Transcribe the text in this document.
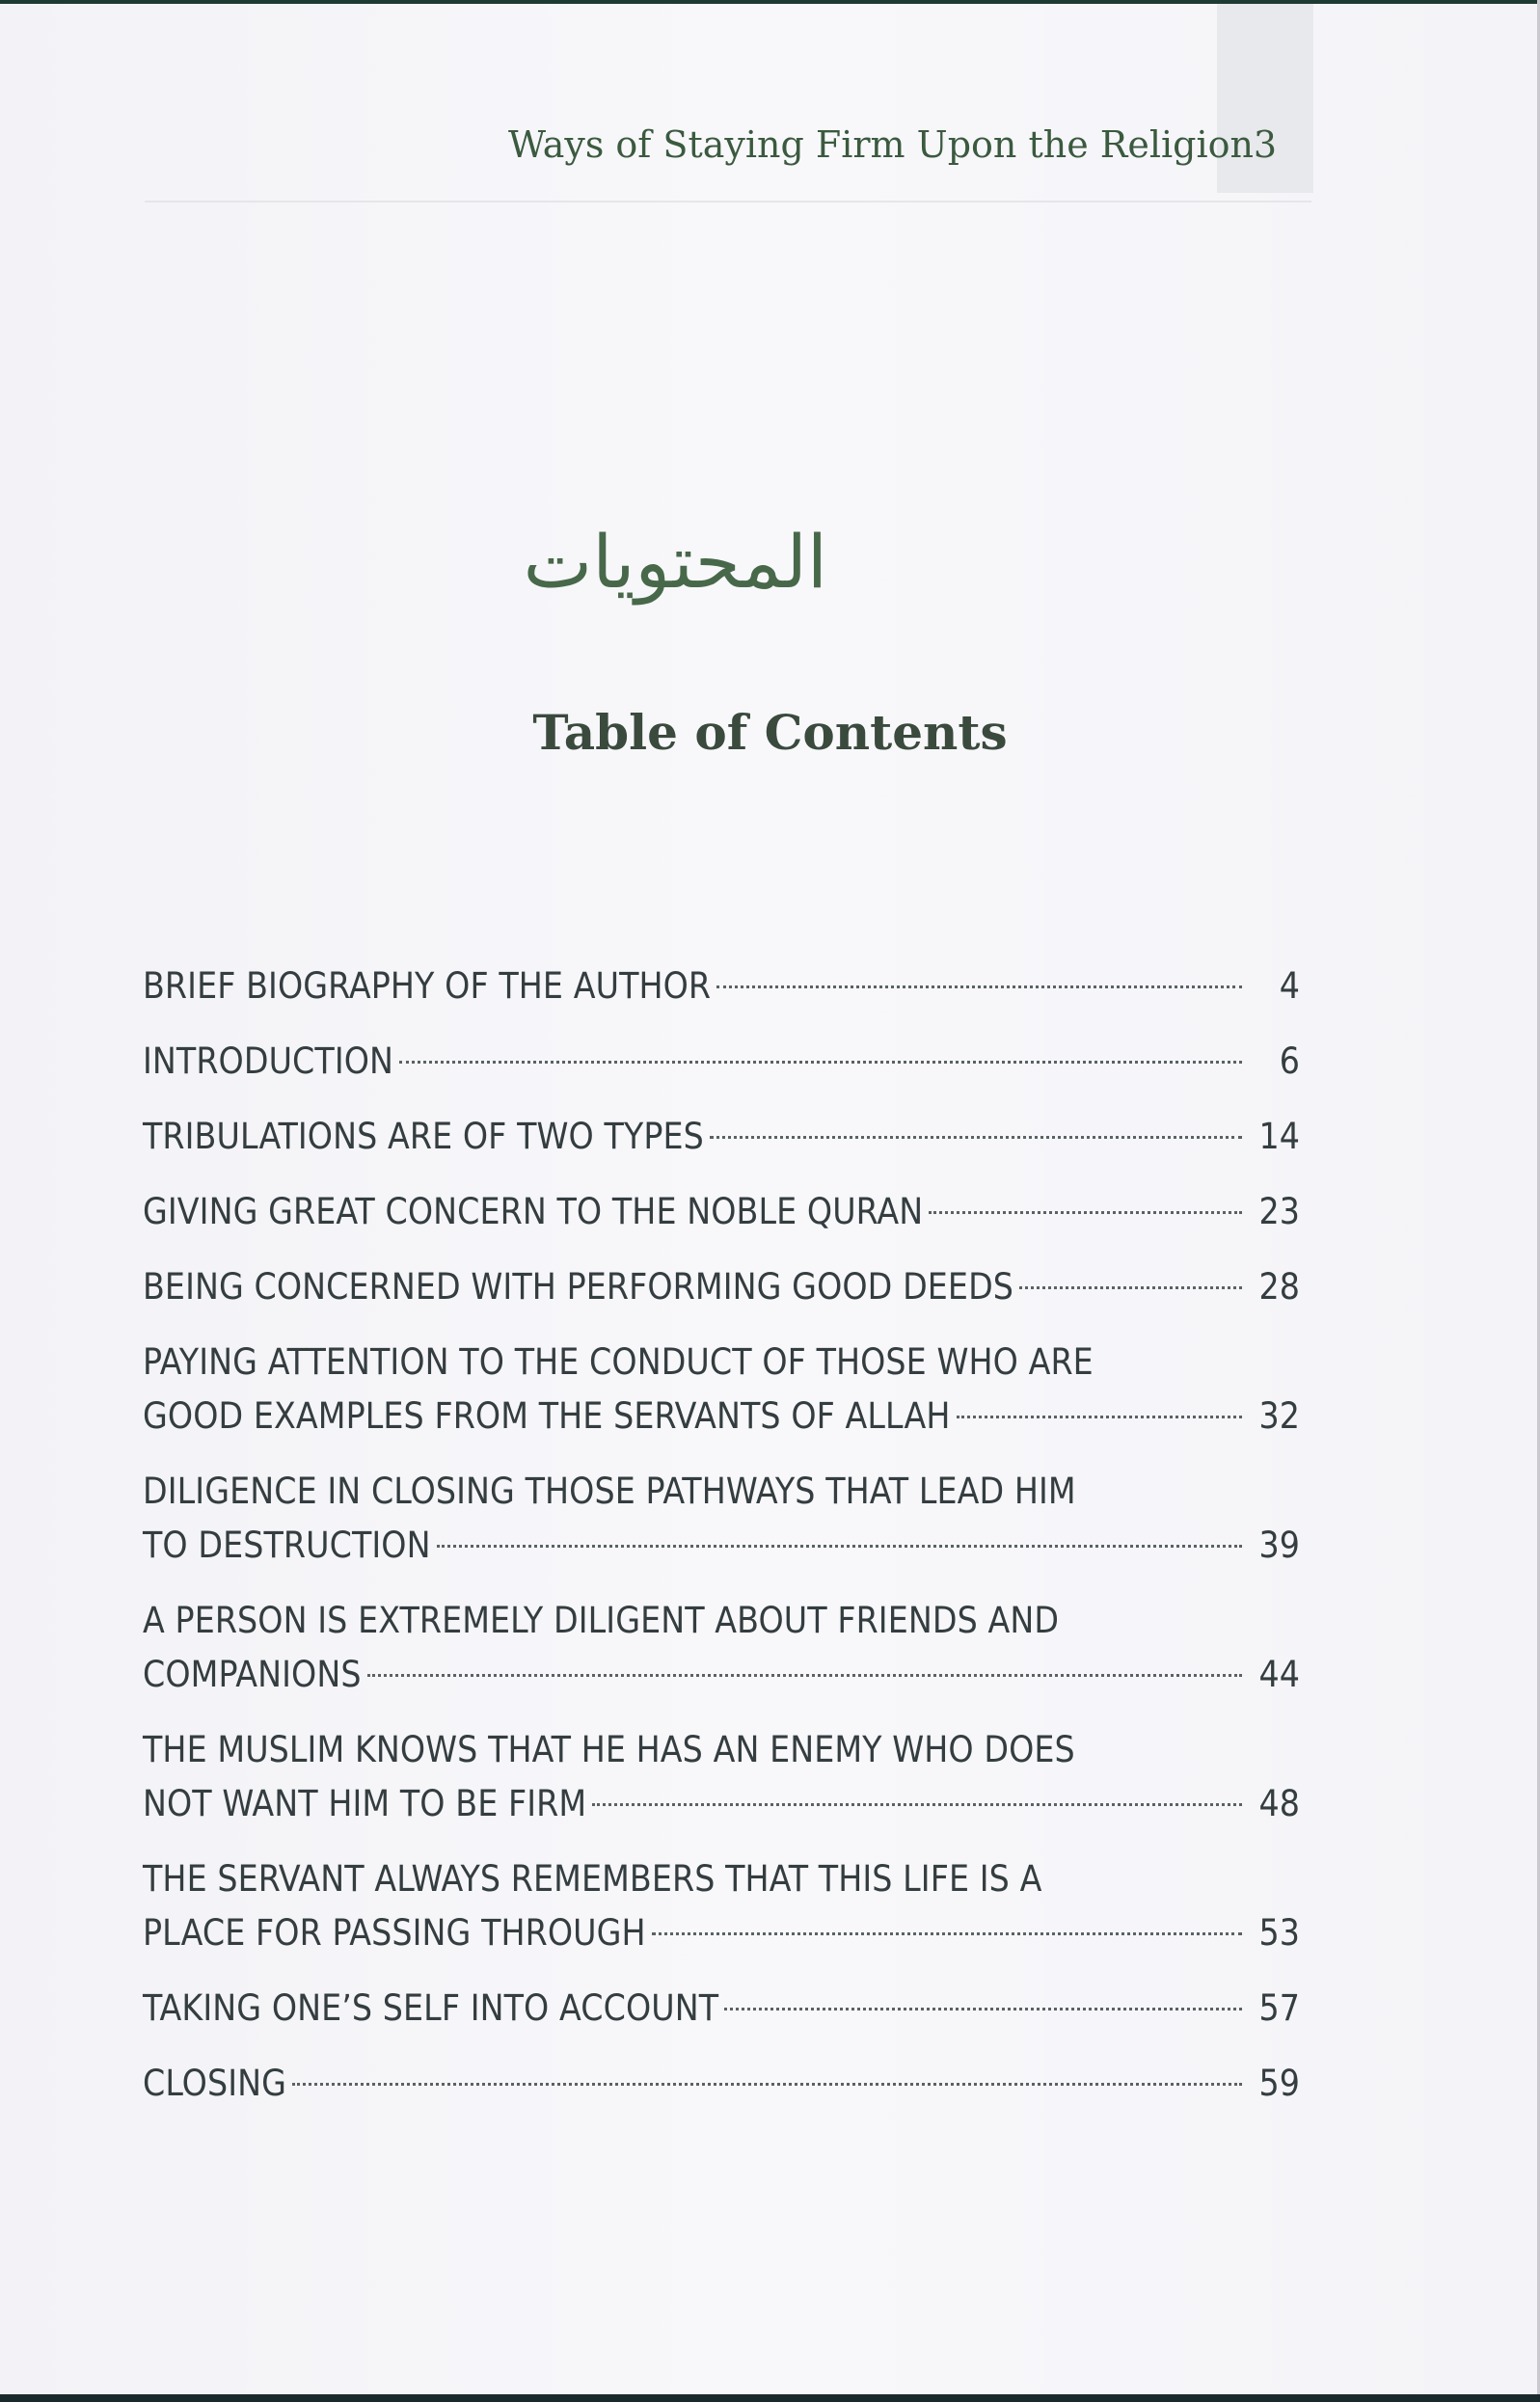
Ways of Staying Firm Upon the Religion 3
المحتويات
Table of Contents
BRIEF BIOGRAPHY OF THE AUTHOR	4
INTRODUCTION	6
TRIBULATIONS ARE OF TWO TYPES	14
GIVING GREAT CONCERN TO THE NOBLE QURAN	23
BEING CONCERNED WITH PERFORMING GOOD DEEDS	28
PAYING ATTENTION TO THE CONDUCT OF THOSE WHO ARE
GOOD EXAMPLES FROM THE SERVANTS OF ALLAH	32
DILIGENCE IN CLOSING THOSE PATHWAYS THAT LEAD HIM
TO DESTRUCTION	39
A PERSON IS EXTREMELY DILIGENT ABOUT FRIENDS AND
COMPANIONS	44
THE MUSLIM KNOWS THAT HE HAS AN ENEMY WHO DOES
NOT WANT HIM TO BE FIRM	48
THE SERVANT ALWAYS REMEMBERS THAT THIS LIFE IS A
PLACE FOR PASSING THROUGH	53
TAKING ONE’S SELF INTO ACCOUNT	57
CLOSING	59
